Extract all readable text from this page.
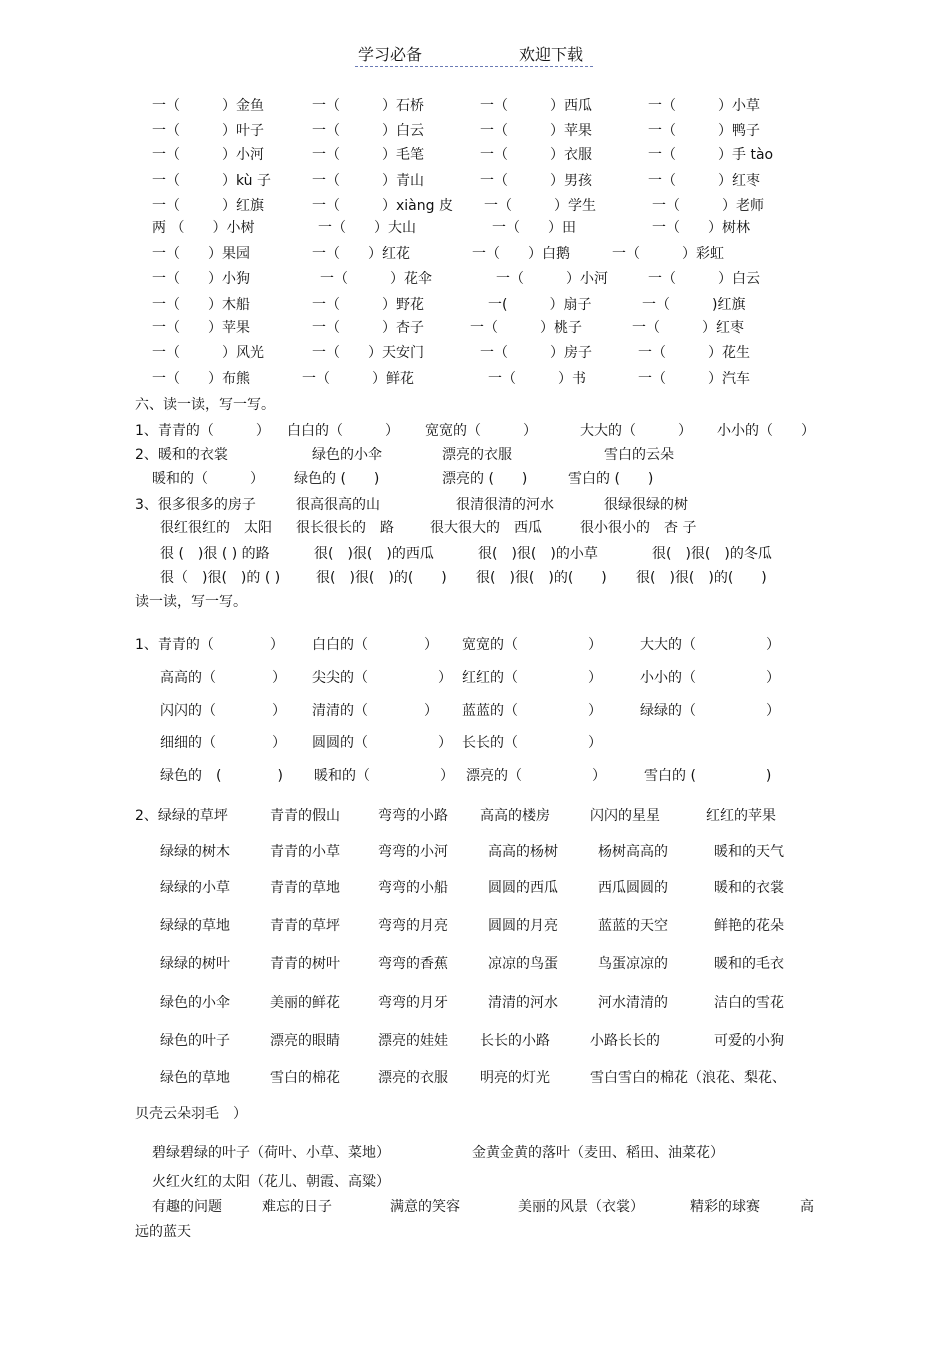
学习必备	欢迎下载
一（　　　）金鱼	一（　　　）石桥	一（　　　）西瓜	一（　　　）小草
一（　　　）叶子	一（　　　）白云	一（　　　）苹果	一（　　　）鸭子
一（　　　）小河	一（　　　）毛笔	一（　　　）衣服	一（　　　）手 tào
一（　　　）kù 子	一（　　　）青山	一（　　　）男孩	一（　　　）红枣
一（　　　）红旗	一（　　　）xiàng 皮 一（　　　）学生	一（　　　）老师
两 （　　）小树	一（　　）大山	一（　　）田	一（　　）树林
一（　　）果园	一（　　）红花	一（　　）白鹅	一（　　　）彩虹
一（　　）小狗	一（　　　）花伞	一（　　　）小河	一（　　　）白云
一（　　）木船	一（　　　）野花	一(　　　）扇子	一（　　　)红旗
一（　　）苹果	一（　　　）杏子	一（　　　）桃子	一（　　　）红枣
一（　　　）风光	一（　　）天安门	一（　　　）房子	一（　　　）花生
一（　　）布熊	一（　　　）鲜花	一（　　　）书	一（　　　）汽车
六、读一读，写一写。
1、青青的（　　　） 白白的（　　　） 宽宽的（　　　）	大大的（　　　） 小小的（　　）
2、暖和的衣裳	绿色的小伞	漂亮的衣服	雪白的云朵
暖和的（　　　） 绿色的 (　　)	漂亮的 (　　)	雪白的 (　　)
3、很多很多的房子	很高很高的山	很清很清的河水	很绿很绿的树
很红很红的　太阳 很长很长的　路	很大很大的　西瓜	很小很小的　杏 子
很 (　)很 ( ) 的路	很(　)很(　)的西瓜	很(　)很(　)的小草	很(　)很(　)的冬瓜
很（　)很(　)的 ( )	很(　)很(　)的(　　) 很(　)很(　)的(　　) 很(　)很(　)的(　　)
读一读，写一写。
1、青青的（　　　　） 白白的（　　　　） 宽宽的（　　　　　）	大大的（　　　　　）
高高的（　　　　） 尖尖的（　　　　　） 红红的（　　　　　）	小小的（　　　　　）
闪闪的（　　　　） 清清的（　　　　） 蓝蓝的（　　　　　）	绿绿的（　　　　　）
细细的（　　　　） 圆圆的（　　　　　） 长长的（　　　　　）
绿色的　(　　　　) 暖和的（　　　　　） 漂亮的（　　　　　）	雪白的 (　　　　　)
2、绿绿的草坪	青青的假山	弯弯的小路 高高的楼房	闪闪的星星	红红的苹果
绿绿的树木	青青的小草	弯弯的小河	高高的杨树	杨树高高的	暖和的天气
绿绿的小草	青青的草地	弯弯的小船	圆圆的西瓜	西瓜圆圆的	暖和的衣裳
绿绿的草地	青青的草坪	弯弯的月亮	圆圆的月亮	蓝蓝的天空	鲜艳的花朵
绿绿的树叶	青青的树叶	弯弯的香蕉	凉凉的鸟蛋	鸟蛋凉凉的	暖和的毛衣
绿色的小伞	美丽的鲜花	弯弯的月牙	清清的河水	河水清清的	洁白的雪花
绿色的叶子	漂亮的眼睛	漂亮的娃娃 长长的小路	小路长长的	可爱的小狗
绿色的草地	雪白的棉花	漂亮的衣服 明亮的灯光	雪白雪白的棉花（浪花、梨花、
贝壳云朵羽毛　）
碧绿碧绿的叶子（荷叶、小草、菜地）	金黄金黄的落叶（麦田、稻田、油菜花）
火红火红的太阳（花儿、朝霞、高粱）
有趣的问题	难忘的日子	满意的笑容	美丽的风景（衣裳）	精彩的球赛	高
远的蓝天
